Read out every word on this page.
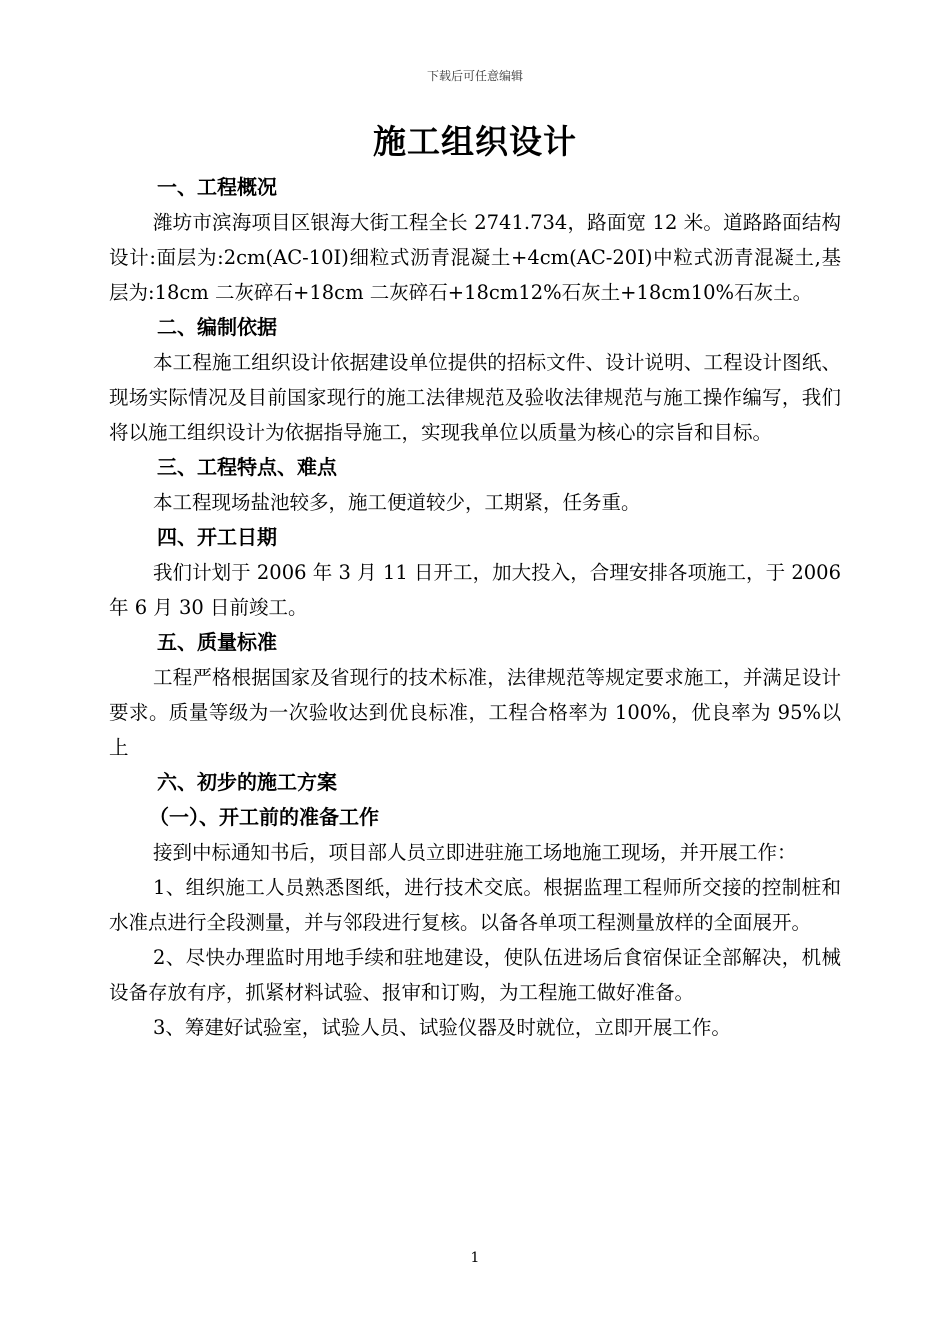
下载后可任意编辑
施工组织设计
一、工程概况
潍坊市滨海项目区银海大街工程全长 2741.734，路面宽 12 米。道路路面结构设计:面层为:2cm(AC-10I)细粒式沥青混凝土+4cm(AC-20I)中粒式沥青混凝土,基层为:18cm 二灰碎石+18cm 二灰碎石+18cm12%石灰土+18cm10%石灰土。
二、编制依据
本工程施工组织设计依据建设单位提供的招标文件、设计说明、工程设计图纸、现场实际情况及目前国家现行的施工法律规范及验收法律规范与施工操作编写，我们将以施工组织设计为依据指导施工，实现我单位以质量为核心的宗旨和目标。
三、工程特点、难点
本工程现场盐池较多，施工便道较少，工期紧，任务重。
四、开工日期
我们计划于 2006 年 3 月 11 日开工，加大投入，合理安排各项施工，于 2006 年 6 月 30 日前竣工。
五、质量标准
工程严格根据国家及省现行的技术标准，法律规范等规定要求施工，并满足设计要求。质量等级为一次验收达到优良标准，工程合格率为 100%，优良率为 95%以上
六、初步的施工方案
（一）、开工前的准备工作
接到中标通知书后，项目部人员立即进驻施工场地施工现场，并开展工作：
1、组织施工人员熟悉图纸，进行技术交底。根据监理工程师所交接的控制桩和水准点进行全段测量，并与邻段进行复核。以备各单项工程测量放样的全面展开。
2、尽快办理监时用地手续和驻地建设，使队伍进场后食宿保证全部解决，机械设备存放有序，抓紧材料试验、报审和订购，为工程施工做好准备。
3、筹建好试验室，试验人员、试验仪器及时就位，立即开展工作。
1
